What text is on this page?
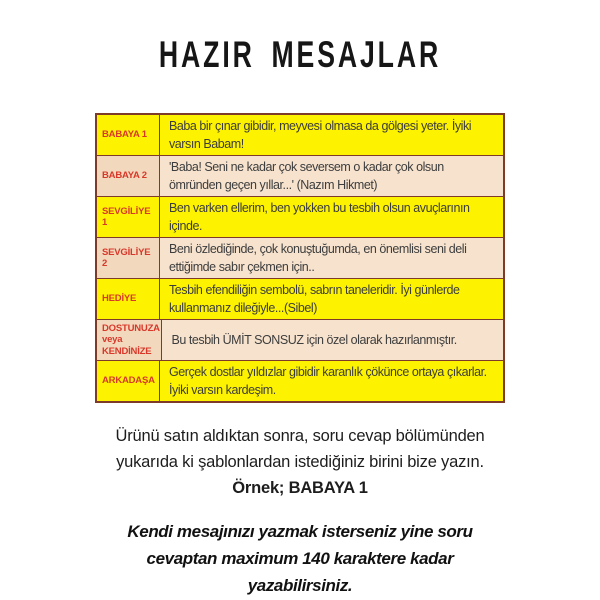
HAZIR MESAJLAR
BABAYA 1
Baba bir çınar gibidir, meyvesi olmasa da gölgesi yeter. İyiki varsın Babam!
BABAYA 2
'Baba! Seni ne kadar çok seversem o kadar çok olsun ömründen geçen yıllar...' (Nazım Hikmet)
SEVGİLİYE 1
Ben varken ellerim, ben yokken bu tesbih olsun avuçlarının içinde.
SEVGİLİYE 2
Beni özlediğinde, çok konuştuğumda, en önemlisi seni deli ettiğimde sabır çekmen için..
HEDİYE
Tesbih efendiliğin sembolü, sabrın taneleridir. İyi günlerde kullanmanız dileğiyle...(Sibel)
DOSTUNUZA veya KENDİNİZE
Bu tesbih ÜMİT SONSUZ için özel olarak hazırlanmıştır.
ARKADAŞA
Gerçek dostlar yıldızlar gibidir karanlık çökünce ortaya çıkarlar. İyiki varsın kardeşim.
Ürünü satın aldıktan sonra, soru cevap bölümünden
yukarıda ki şablonlardan istediğiniz birini bize yazın.
Örnek; BABAYA 1
Kendi mesajınızı yazmak isterseniz yine soru
cevaptan maximum 140 karaktere kadar
yazabilirsiniz.
